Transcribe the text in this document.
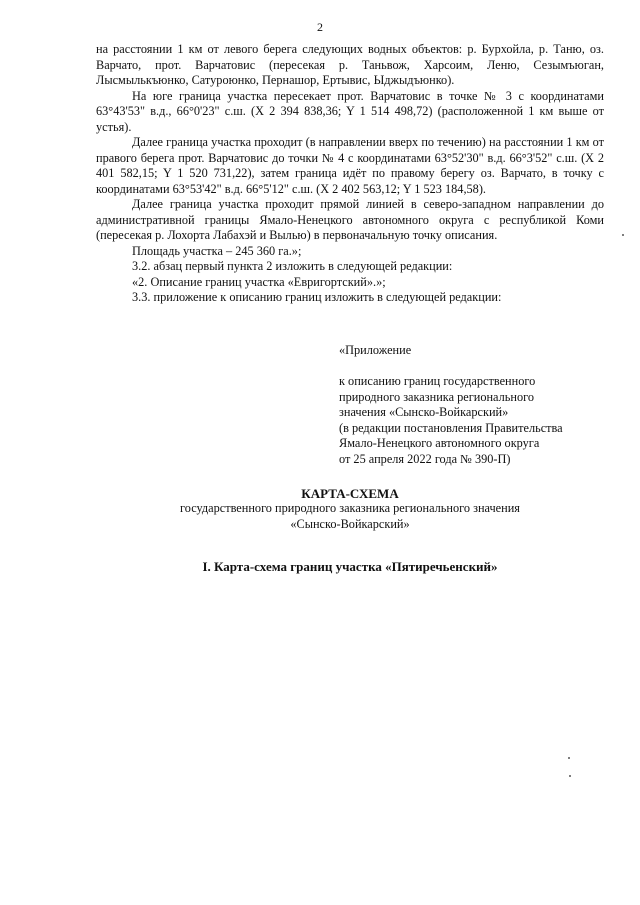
2

на расстоянии 1 км от левого берега следующих водных объектов: р. Бурхойла, р. Таню, оз. Варчато, прот. Варчатовис (пересекая р. Таньвож, Харсоим, Леню, Сезымъюган, Лысмылькъюнко, Сатуроюнко, Пернашор, Ертывис, Ыджыдъюнко).

На юге граница участка пересекает прот. Варчатовис в точке № 3 с координатами 63°43'53" в.д., 66°0'23" с.ш. (X 2 394 838,36; Y 1 514 498,72) (расположенной 1 км выше от устья).

Далее граница участка проходит (в направлении вверх по течению) на расстоянии 1 км от правого берега прот. Варчатовис до точки № 4 с координатами 63°52'30" в.д. 66°3'52" с.ш. (X 2 401 582,15; Y 1 520 731,22), затем граница идёт по правому берегу оз. Варчато, в точку с координатами 63°53'42" в.д. 66°5'12" с.ш. (X 2 402 563,12; Y 1 523 184,58).

Далее граница участка проходит прямой линией в северо-западном направлении до административной границы Ямало-Ненецкого автономного округа с республикой Коми (пересекая р. Лохорта Лабахэй и Вылью) в первоначальную точку описания.

Площадь участка – 245 360 га.»;

3.2. абзац первый пункта 2 изложить в следующей редакции:

«2. Описание границ участка «Евригортский».»;

3.3. приложение к описанию границ изложить в следующей редакции:

«Приложение
к описанию границ государственного
природного заказника регионального
значения «Сынско-Войкарский»
(в редакции постановления Правительства
Ямало-Ненецкого автономного округа
от 25 апреля 2022 года № 390-П)
КАРТА-СХЕМА
государственного природного заказника регионального значения
«Сынско-Войкарский»
I. Карта-схема границ участка «Пятиречьенский»
